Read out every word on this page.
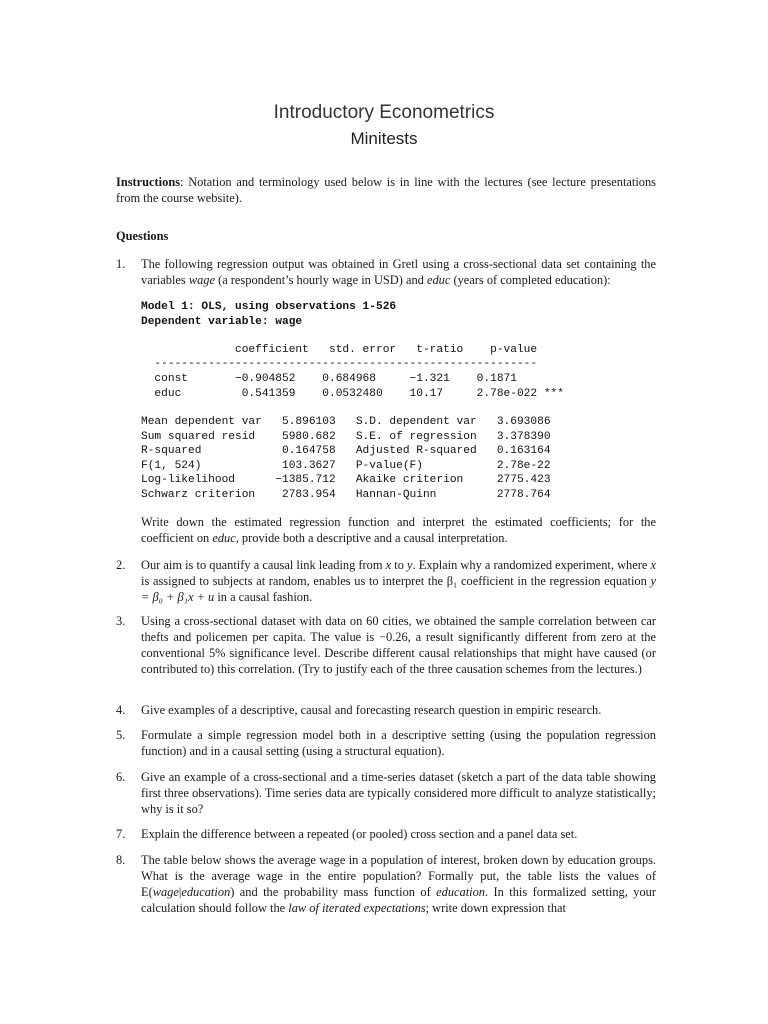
Introductory Econometrics
Minitests
Instructions: Notation and terminology used below is in line with the lectures (see lecture presentations from the course website).
Questions
1. The following regression output was obtained in Gretl using a cross-sectional data set containing the variables wage (a respondent’s hourly wage in USD) and educ (years of completed education):
Model 1: OLS, using observations 1-526
Dependent variable: wage
coefficient   std. error   t-ratio    p-value
---------------------------------------------------------
const       −0.904852    0.684968     −1.321    0.1871
educ         0.541359    0.0532480    10.17     2.78e-022 ***
Mean dependent var   5.896103   S.D. dependent var   3.693086
Sum squared resid    5980.682   S.E. of regression   3.378390
R-squared            0.164758   Adjusted R-squared   0.163164
F(1, 524)            103.3627   P-value(F)           2.78e-22
Log-likelihood      −1385.712   Akaike criterion     2775.423
Schwarz criterion    2783.954   Hannan-Quinn         2778.764
Write down the estimated regression function and interpret the estimated coefficients; for the coefficient on educ, provide both a descriptive and a causal interpretation.
2. Our aim is to quantify a causal link leading from x to y. Explain why a randomized experiment, where x is assigned to subjects at random, enables us to interpret the β₁ coefficient in the regression equation y = β₀ + β₁x + u in a causal fashion.
3. Using a cross-sectional dataset with data on 60 cities, we obtained the sample correlation between car thefts and policemen per capita. The value is −0.26, a result significantly different from zero at the conventional 5% significance level. Describe different causal relationships that might have caused (or contributed to) this correlation. (Try to justify each of the three causation schemes from the lectures.)
4. Give examples of a descriptive, causal and forecasting research question in empiric research.
5. Formulate a simple regression model both in a descriptive setting (using the population regression function) and in a causal setting (using a structural equation).
6. Give an example of a cross-sectional and a time-series dataset (sketch a part of the data table showing first three observations). Time series data are typically considered more difficult to analyze statistically; why is it so?
7. Explain the difference between a repeated (or pooled) cross section and a panel data set.
8. The table below shows the average wage in a population of interest, broken down by education groups. What is the average wage in the entire population? Formally put, the table lists the values of E(wage|education) and the probability mass function of education. In this formalized setting, your calculation should follow the law of iterated expectations; write down expression that
